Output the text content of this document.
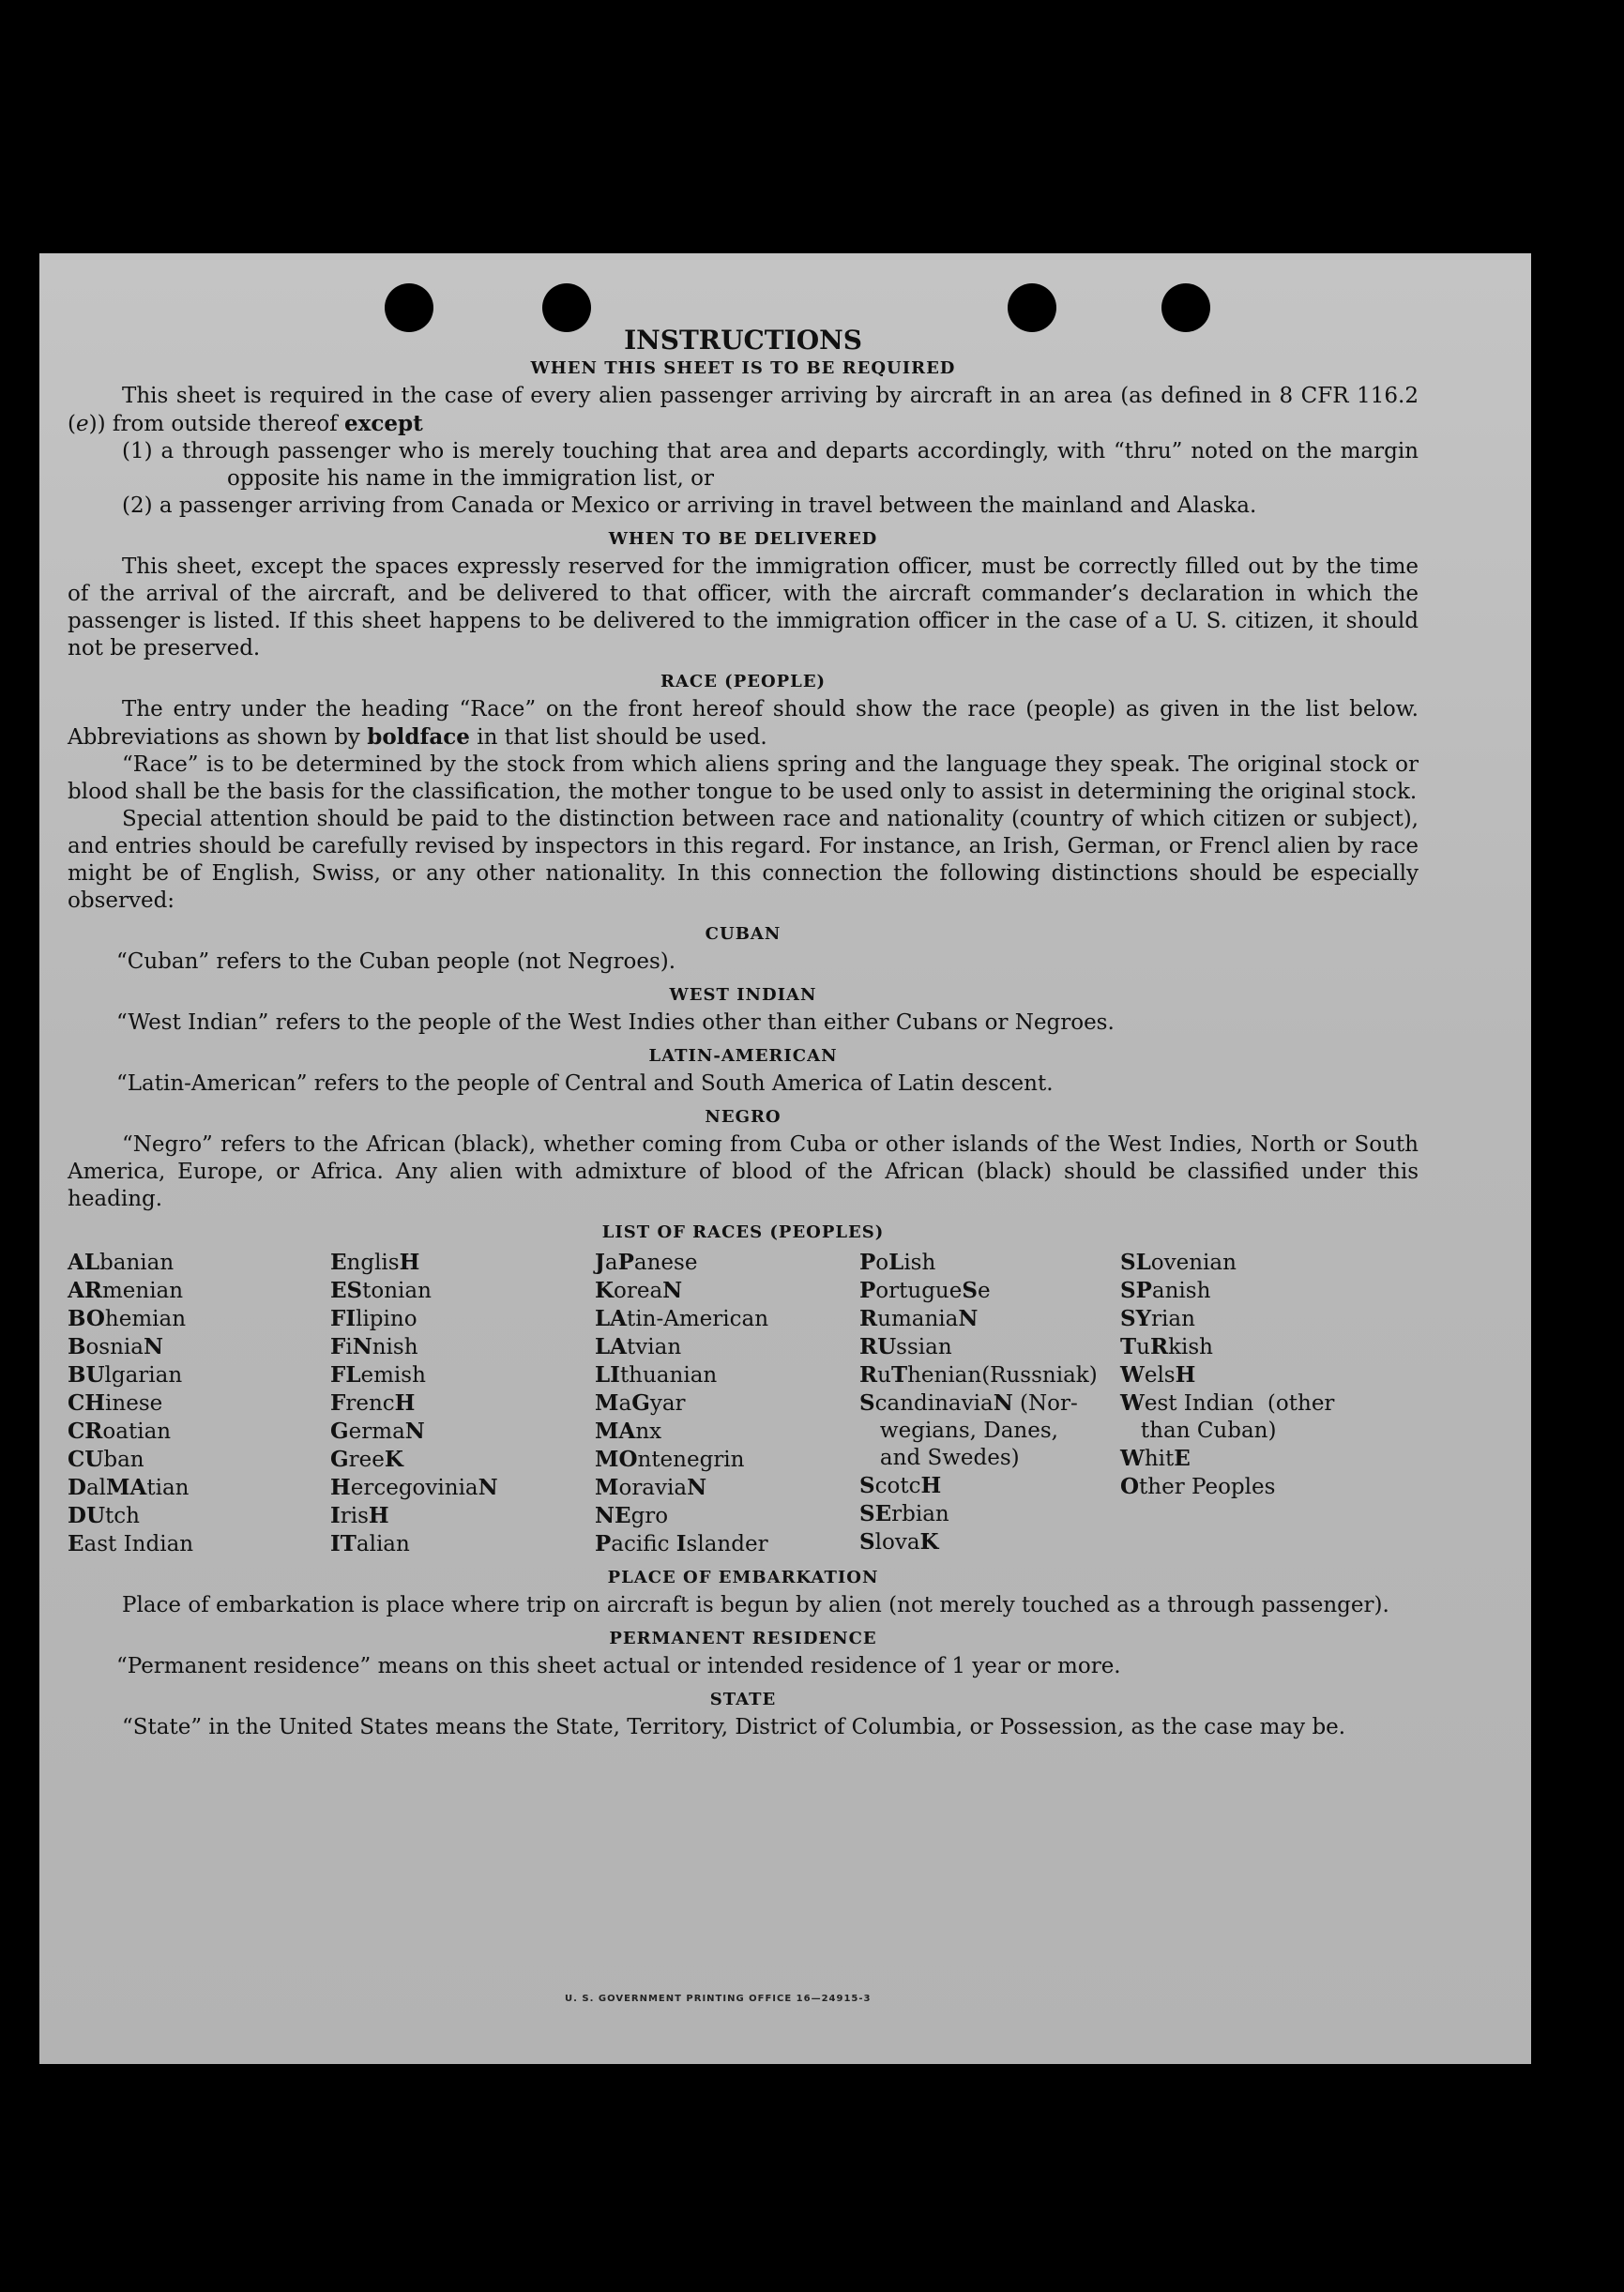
INSTRUCTIONS
WHEN THIS SHEET IS TO BE REQUIRED

This sheet is required in the case of every alien passenger arriving by aircraft in an area (as defined in 8 CFR 116.2 (e)) from outside thereof except

(1) a through passenger who is merely touching that area and departs accordingly, with “thru” noted on the margin opposite his name in the immigration list, or

(2) a passenger arriving from Canada or Mexico or arriving in travel between the mainland and Alaska.

WHEN TO BE DELIVERED

This sheet, except the spaces expressly reserved for the immigration officer, must be correctly filled out by the time of the arrival of the aircraft, and be delivered to that officer, with the aircraft commander’s declaration in which the passenger is listed. If this sheet happens to be delivered to the immigration officer in the case of a U. S. citizen, it should not be preserved.

RACE (PEOPLE)

The entry under the heading “Race” on the front hereof should show the race (people) as given in the list below. Abbreviations as shown by boldface in that list should be used.

“Race” is to be determined by the stock from which aliens spring and the language they speak. The original stock or blood shall be the basis for the classification, the mother tongue to be used only to assist in determining the original stock.

Special attention should be paid to the distinction between race and nationality (country of which citizen or subject), and entries should be carefully revised by inspectors in this regard. For instance, an Irish, German, or Frencl alien by race might be of English, Swiss, or any other nationality. In this connection the following distinctions should be especially observed:

CUBAN

“Cuban” refers to the Cuban people (not Negroes).

WEST INDIAN

“West Indian” refers to the people of the West Indies other than either Cubans or Negroes.

LATIN-AMERICAN

“Latin-American” refers to the people of Central and South America of Latin descent.

NEGRO

“Negro” refers to the African (black), whether coming from Cuba or other islands of the West Indies, North or South America, Europe, or Africa. Any alien with admixture of blood of the African (black) should be classified under this heading.

LIST OF RACES (PEOPLES)
ALbanian
ARmenian
BOhemian
BosniaN
BUlgarian
CHinese
CRoatian
CUban
DalMAtian
DUtch
East Indian
EnglisH
EStonian
FIlipino
FiNnish
FLemish
FrencH
GermaN
GreeK
HercegoviniaN
IrisH
ITalian
JaPanese
KoreaN
LAtin-American
LAtvian
LIthuanian
MaGyar
MAnx
MOntenegrin
MoraviaN
NEgro
Pacific Islander
PoLish
PortugueSe
RumaniaN
RUssian
RuThenian(Russniak)
ScandinaviaN (Nor-
wegians, Danes,
and Swedes)
ScotcH
SErbian
SlovaK
SLovenian
SPanish
SYrian
TuRkish
WelsH
West Indian  (other
than Cuban)
WhitE
Other Peoples
PLACE OF EMBARKATION

Place of embarkation is place where trip on aircraft is begun by alien (not merely touched as a through passenger).

PERMANENT RESIDENCE

“Permanent residence” means on this sheet actual or intended residence of 1 year or more.

STATE

“State” in the United States means the State, Territory, District of Columbia, or Possession, as the case may be.

U. S. GOVERNMENT PRINTING OFFICE 16—24915-3
